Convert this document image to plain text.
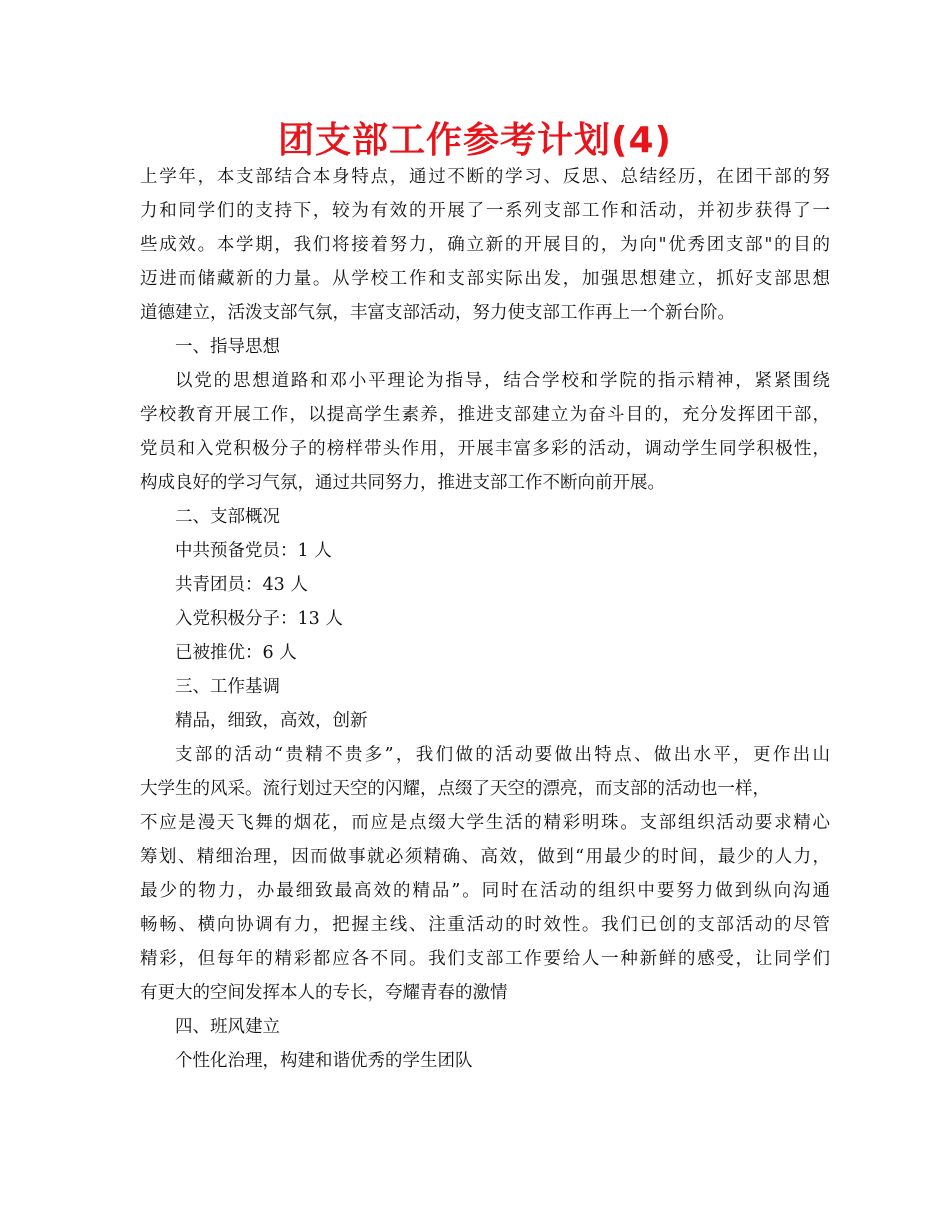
团支部工作参考计划(4)
上学年，本支部结合本身特点，通过不断的学习、反思、总结经历，在团干部的努
力和同学们的支持下，较为有效的开展了一系列支部工作和活动，并初步获得了一
些成效。本学期，我们将接着努力，确立新的开展目的，为向"优秀团支部"的目的
迈进而储藏新的力量。从学校工作和支部实际出发，加强思想建立，抓好支部思想
道德建立，活泼支部气氛，丰富支部活动，努力使支部工作再上一个新台阶。
一、指导思想
以党的思想道路和邓小平理论为指导，结合学校和学院的指示精神，紧紧围绕
学校教育开展工作，以提高学生素养，推进支部建立为奋斗目的，充分发挥团干部，
党员和入党积极分子的榜样带头作用，开展丰富多彩的活动，调动学生同学积极性，
构成良好的学习气氛，通过共同努力，推进支部工作不断向前开展。
二、支部概况
中共预备党员：1 人
共青团员：43 人
入党积极分子：13 人
已被推优：6 人
三、工作基调
精品，细致，高效，创新
支部的活动“贵精不贵多”，我们做的活动要做出特点、做出水平，更作出山
大学生的风采。流行划过天空的闪耀，点缀了天空的漂亮，而支部的活动也一样，
不应是漫天飞舞的烟花，而应是点缀大学生活的精彩明珠。支部组织活动要求精心
筹划、精细治理，因而做事就必须精确、高效，做到“用最少的时间，最少的人力，
最少的物力，办最细致最高效的精品”。同时在活动的组织中要努力做到纵向沟通
畅畅、横向协调有力，把握主线、注重活动的时效性。我们已创的支部活动的尽管
精彩，但每年的精彩都应各不同。我们支部工作要给人一种新鲜的感受，让同学们
有更大的空间发挥本人的专长，夸耀青春的激情
四、班风建立
个性化治理，构建和谐优秀的学生团队
